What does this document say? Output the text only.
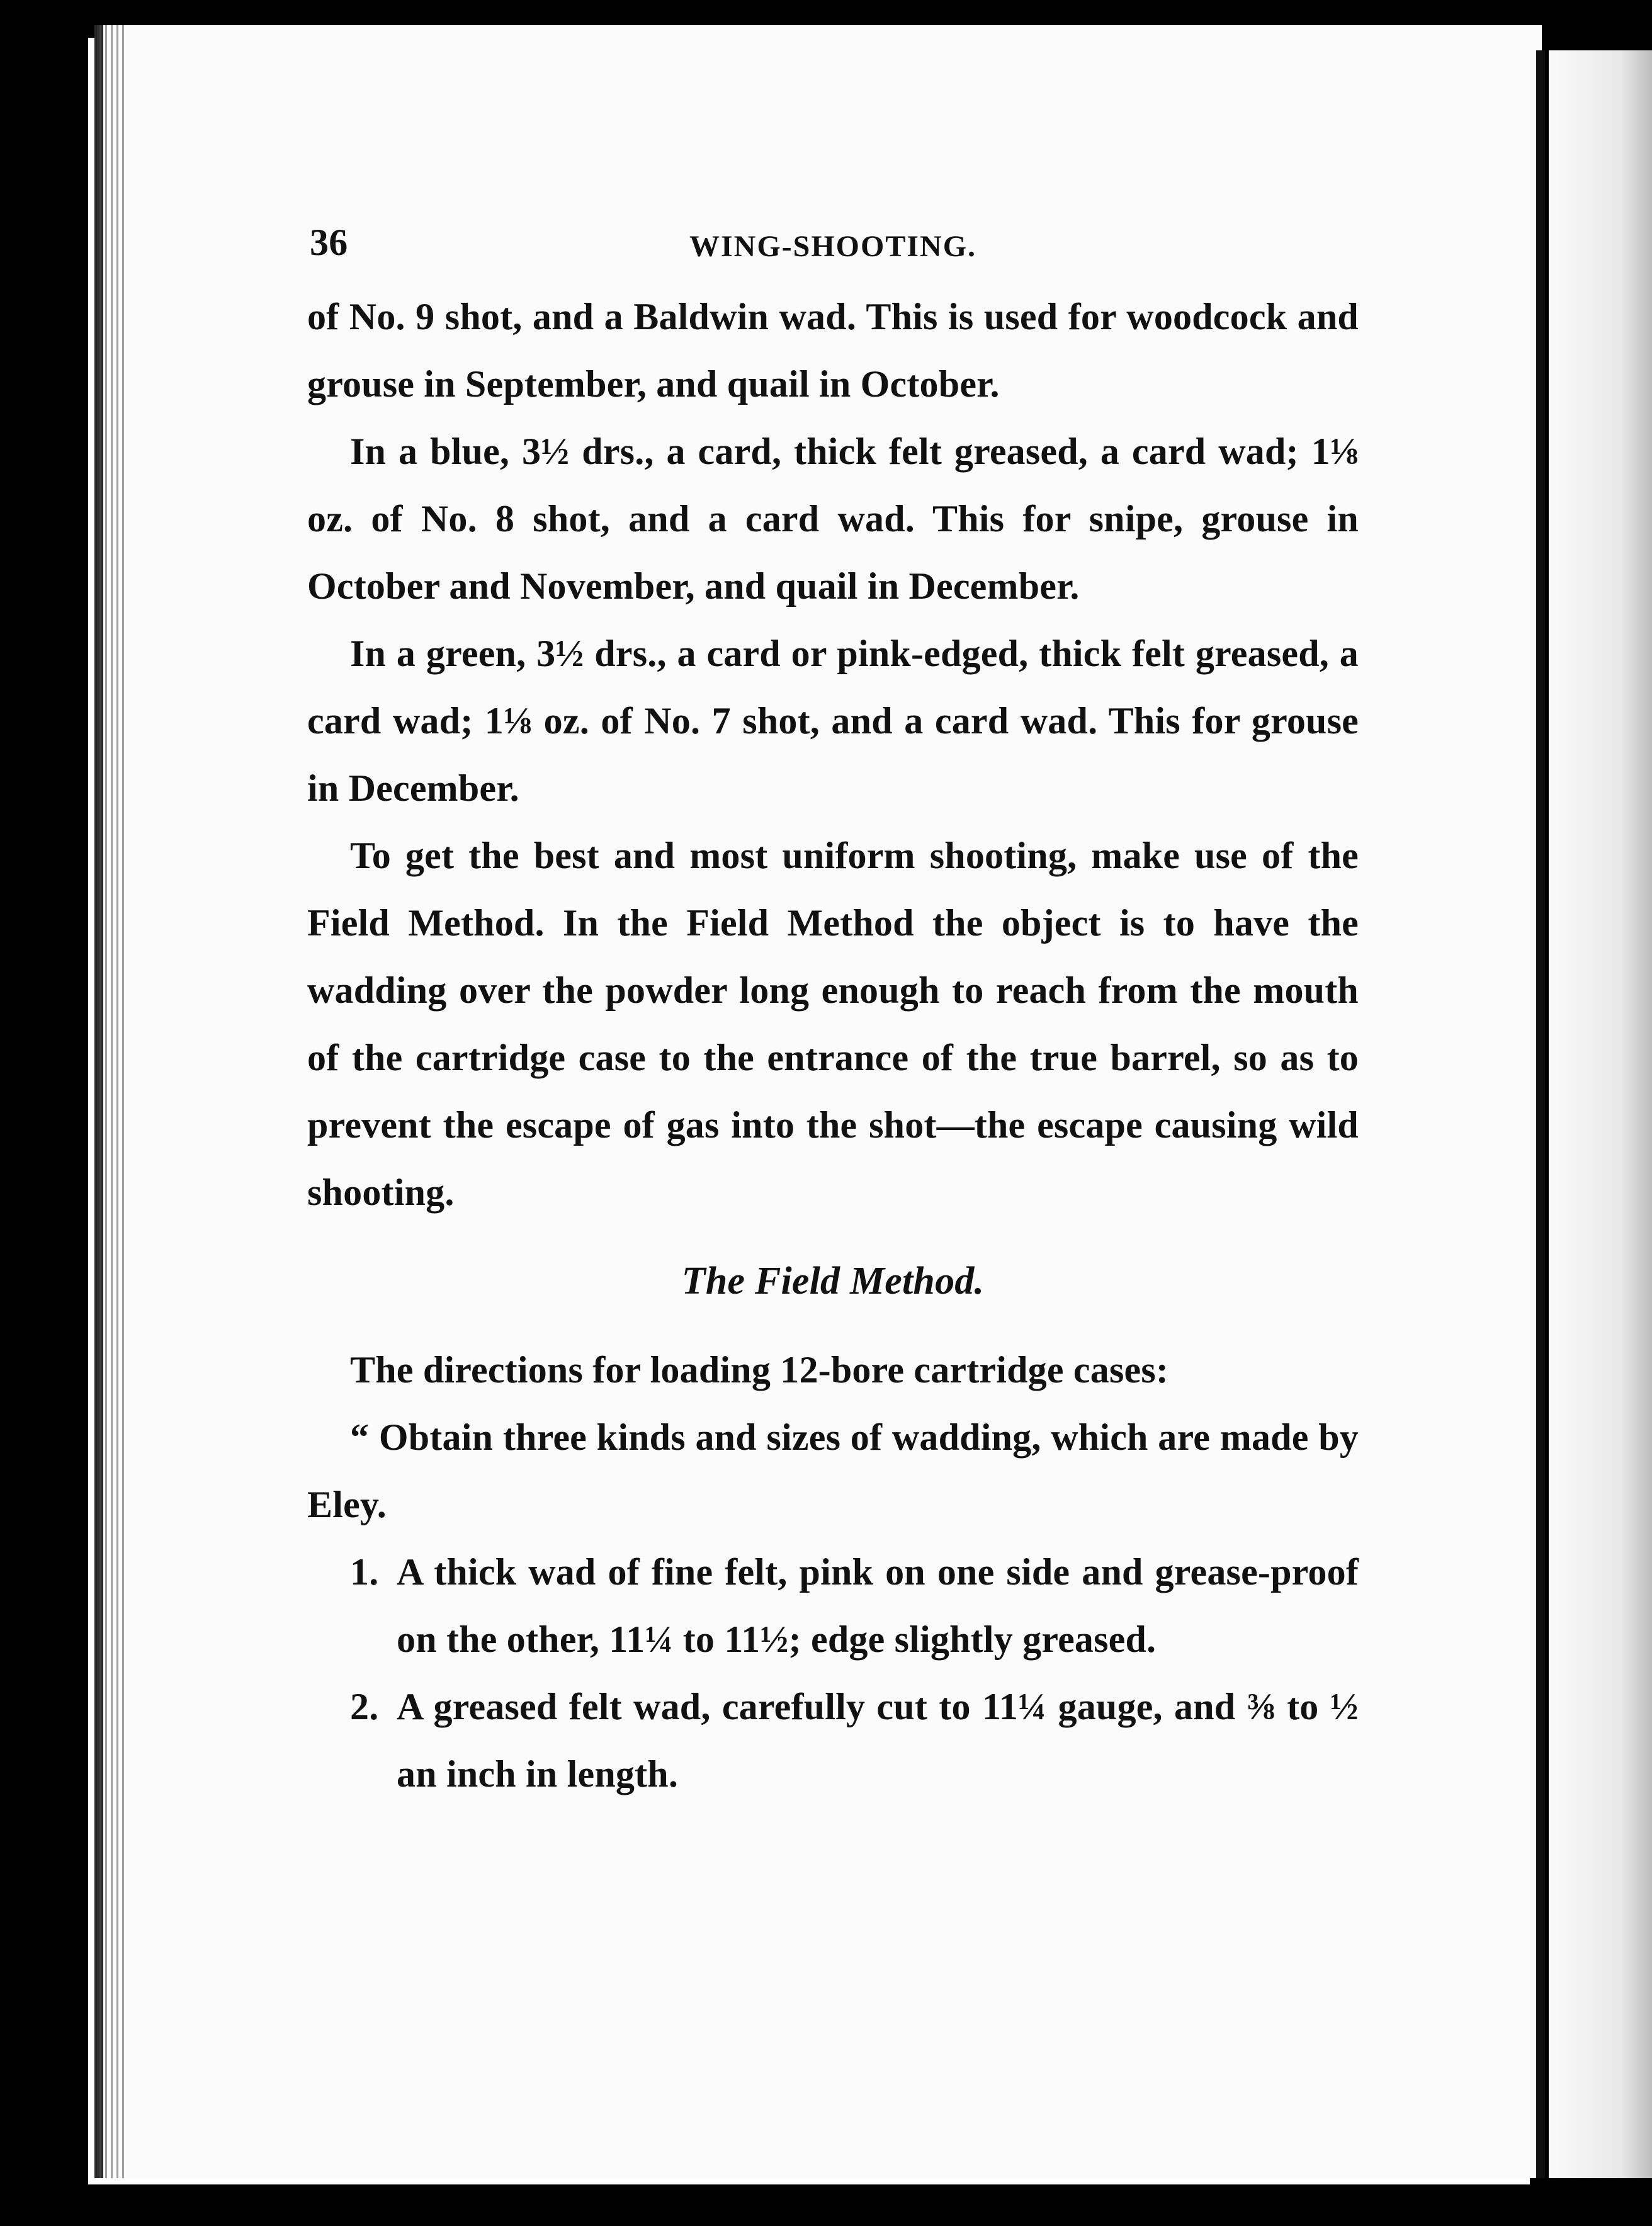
36	WING-SHOOTING.

of No. 9 shot, and a Baldwin wad. This is used for woodcock and grouse in September, and quail in October.

In a blue, 3½ drs., a card, thick felt greased, a card wad; 1⅛ oz. of No. 8 shot, and a card wad. This for snipe, grouse in October and November, and quail in December.

In a green, 3½ drs., a card or pink-edged, thick felt greased, a card wad; 1⅛ oz. of No. 7 shot, and a card wad. This for grouse in December.

To get the best and most uniform shooting, make use of the Field Method. In the Field Method the object is to have the wadding over the powder long enough to reach from the mouth of the cartridge case to the entrance of the true barrel, so as to prevent the escape of gas into the shot—the escape causing wild shooting.

The Field Method.

The directions for loading 12-bore cartridge cases:

“ Obtain three kinds and sizes of wadding, which are made by Eley.

1. A thick wad of fine felt, pink on one side and grease-proof on the other, 11¼ to 11½; edge slightly greased.
2. A greased felt wad, carefully cut to 11¼ gauge, and ⅜ to ½ an inch in length.
